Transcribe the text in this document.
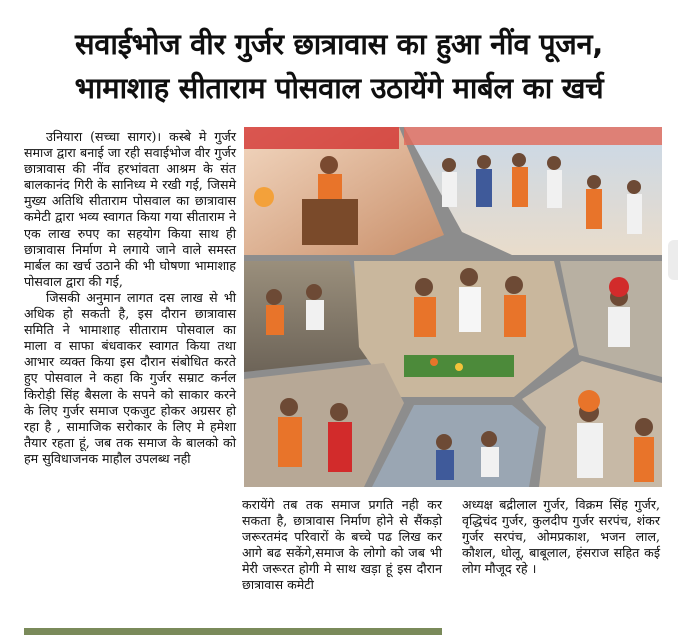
सवाईभोज वीर गुर्जर छात्रावास का हुआ नींव पूजन,
भामाशाह सीताराम पोसवाल उठायेंगे मार्बल का खर्च

उनियारा (सच्चा सागर)। कस्बे मे गुर्जर समाज द्वारा बनाई जा रही सवाईभोज वीर गुर्जर छात्रावास की नींव हरभांवता आश्रम के संत बालकानंद गिरी के सानिध्य मे रखी गई, जिसमे मुख्य अतिथि सीताराम पोसवाल का छात्रावास कमेटी द्वारा भव्य स्वागत किया गया सीताराम ने एक लाख रुपए का सहयोग किया साथ ही छात्रावास निर्माण मे लगाये जाने वाले समस्त मार्बल का खर्च उठाने की भी घोषणा भामाशाह पोसवाल द्वारा की गई,

जिसकी अनुमान लागत दस लाख से भी अधिक हो सकती है, इस दौरान छात्रावास समिति ने भामाशाह सीताराम पोसवाल का माला व साफा बंधवाकर स्वागत किया तथा आभार व्यक्त किया इस दौरान संबोधित करते हुए पोसवाल ने कहा कि गुर्जर सम्राट कर्नल किरोड़ी सिंह बैसला के सपने को साकार करने के लिए गुर्जर समाज एकजुट होकर अग्रसर हो रहा है , सामाजिक सरोकार के लिए मे हमेशा तैयार रहता हूं, जब तक समाज के बालको को हम सुविधाजनक माहौल उपलब्ध नही

करायेंगे तब तक समाज प्रगति नही कर सकता है, छात्रावास निर्माण होने से सैंकड़ो जरूरतमंद परिवारों के बच्चे पढ लिख कर आगे बढ सकेंगे,समाज के लोगो को जब भी मेरी जरूरत होगी मे साथ खड़ा हूं इस दौरान छात्रावास कमेटी

अध्यक्ष बद्रीलाल गुर्जर, विक्रम सिंह गुर्जर, वृद्धिचंद गुर्जर, कुलदीप गुर्जर सरपंच, शंकर गुर्जर सरपंच, ओमप्रकाश, भजन लाल, कौशल, धोलू, बाबूलाल, हंसराज सहित कई लोग मौजूद रहे ।
